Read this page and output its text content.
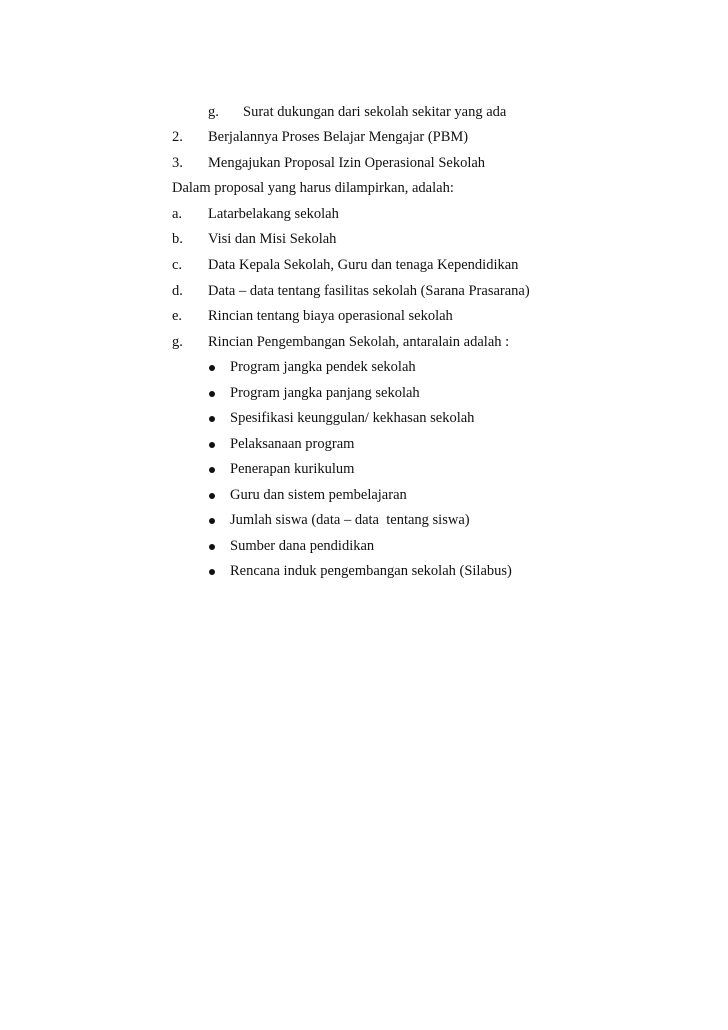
g. Surat dukungan dari sekolah sekitar yang ada
2. Berjalannya Proses Belajar Mengajar (PBM)
3. Mengajukan Proposal Izin Operasional Sekolah
Dalam proposal yang harus dilampirkan, adalah:
a. Latarbelakang sekolah
b. Visi dan Misi Sekolah
c. Data Kepala Sekolah, Guru dan tenaga Kependidikan
d. Data – data tentang fasilitas sekolah (Sarana Prasarana)
e. Rincian tentang biaya operasional sekolah
g. Rincian Pengembangan Sekolah, antaralain adalah :
Program jangka pendek sekolah
Program jangka panjang sekolah
Spesifikasi keunggulan/ kekhasan sekolah
Pelaksanaan program
Penerapan kurikulum
Guru dan sistem pembelajaran
Jumlah siswa (data – data  tentang siswa)
Sumber dana pendidikan
Rencana induk pengembangan sekolah (Silabus)
